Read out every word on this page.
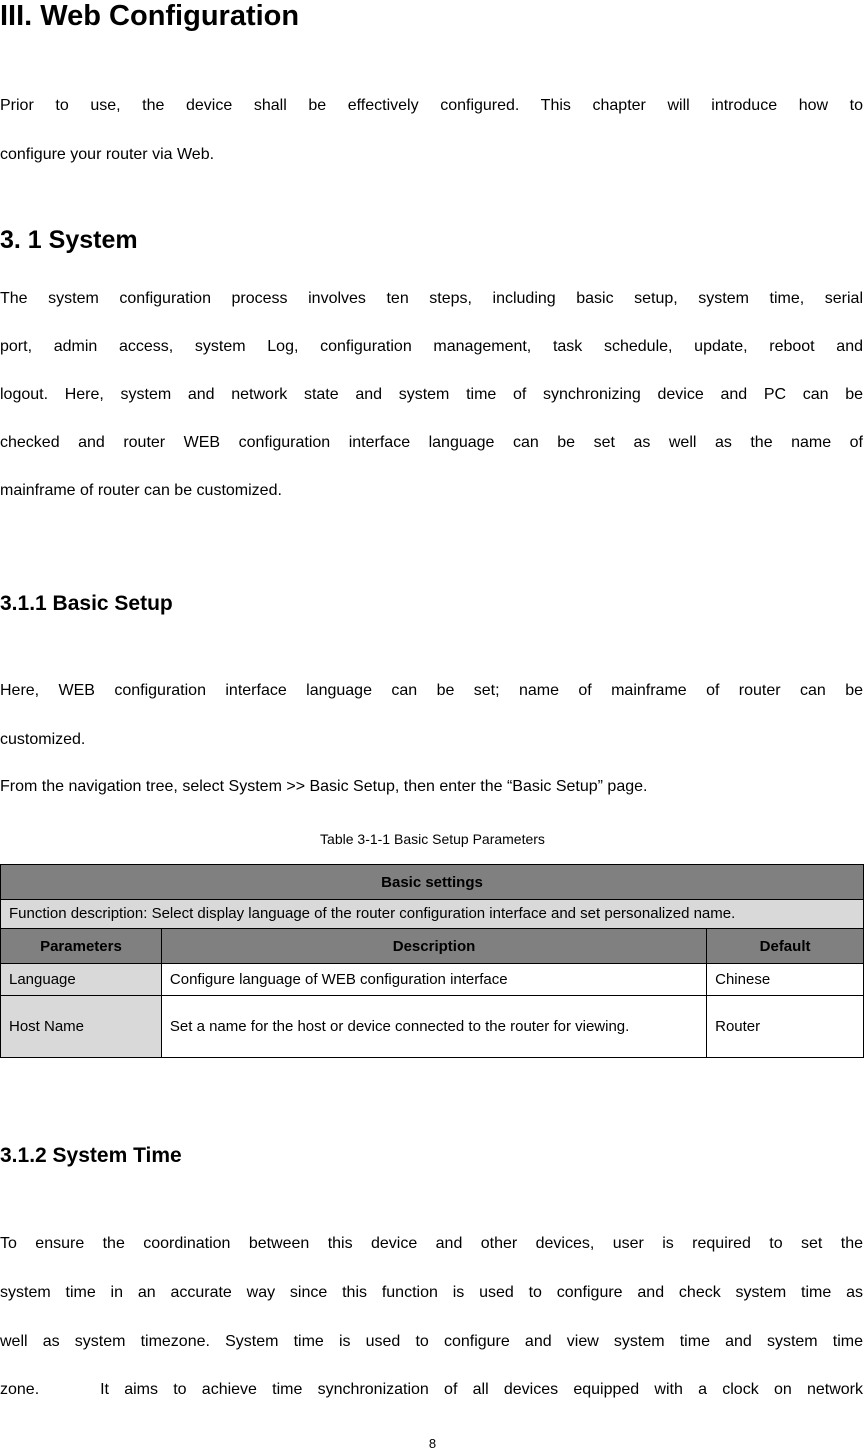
III. Web Configuration
Prior to use, the device shall be effectively configured. This chapter will introduce how to
configure your router via Web.
3. 1 System
The system configuration process involves ten steps, including basic setup, system time, serial
port, admin access, system Log, configuration management, task schedule, update, reboot and
logout. Here, system and network state and system time of synchronizing device and PC can be
checked and router WEB configuration interface language can be set as well as the name of
mainframe of router can be customized.
3.1.1 Basic Setup
Here, WEB configuration interface language can be set; name of mainframe of router can be
customized.
From the navigation tree, select System >> Basic Setup, then enter the “Basic Setup” page.
Table 3-1-1 Basic Setup Parameters
Basic settings		
Function description: Select display language of the router configuration interface and set personalized name.		
Parameters	Description	Default
Language	Configure language of WEB configuration interface	Chinese
Host Name	Set a name for the host or device connected to the router for viewing.	Router
3.1.2 System Time
To ensure the coordination between this device and other devices, user is required to set the
system time in an accurate way since this function is used to configure and check system time as
well as system timezone. System time is used to configure and view system time and system time
zone.    It aims to achieve time synchronization of all devices equipped with a clock on network
8
